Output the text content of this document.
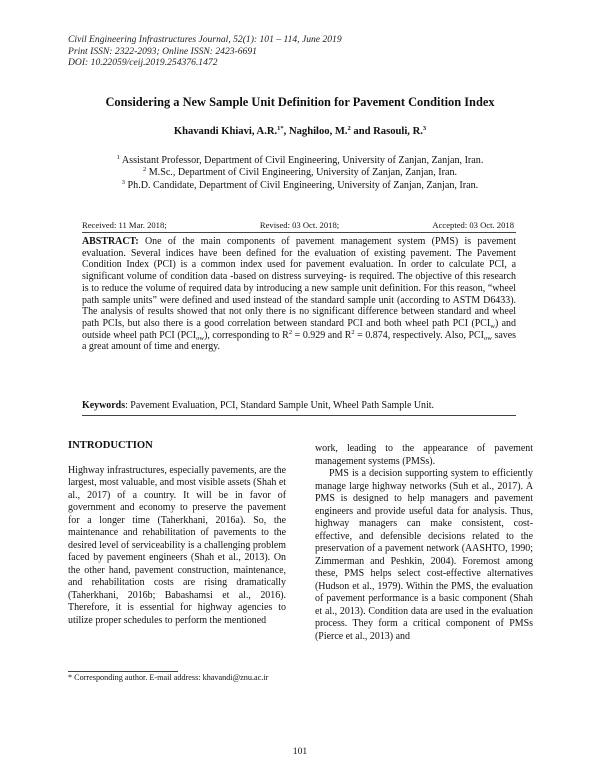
Civil Engineering Infrastructures Journal, 52(1): 101 – 114, June 2019
Print ISSN: 2322-2093; Online ISSN: 2423-6691
DOI: 10.22059/ceij.2019.254376.1472
Considering a New Sample Unit Definition for Pavement Condition Index
Khavandi Khiavi, A.R.$^{1*}$, Naghiloo, M.$^2$ and Rasouli, R.$^3$
$^1$ Assistant Professor, Department of Civil Engineering, University of Zanjan, Zanjan, Iran.
$^2$ M.Sc., Department of Civil Engineering, University of Zanjan, Zanjan, Iran.
$^3$ Ph.D. Candidate, Department of Civil Engineering, University of Zanjan, Zanjan, Iran.
Received: 11 Mar. 2018;	Revised: 03 Oct. 2018;	Accepted: 03 Oct. 2018
ABSTRACT: One of the main components of pavement management system (PMS) is pavement evaluation. Several indices have been defined for the evaluation of existing pavement. The Pavement Condition Index (PCI) is a common index used for pavement evaluation. In order to calculate PCI, a significant volume of condition data -based on distress surveying- is required. The objective of this research is to reduce the volume of required data by introducing a new sample unit definition. For this reason, “wheel path sample units” were defined and used instead of the standard sample unit (according to ASTM D6433). The analysis of results showed that not only there is no significant difference between standard and wheel path PCIs, but also there is a good correlation between standard PCI and both wheel path PCI $(PCI_w)$ and outside wheel path PCI $(PCI_{ow})$, corresponding to $R^2 = 0.929$ and $R^2 = 0.874$, respectively. Also, $PCI_{ow}$ saves a great amount of time and energy.
Keywords: Pavement Evaluation, PCI, Standard Sample Unit, Wheel Path Sample Unit.
INTRODUCTION

Highway infrastructures, especially pavements, are the largest, most valuable, and most visible assets (Shah et al., 2017) of a country. It will be in favor of government and economy to preserve the pavement for a longer time (Taherkhani, 2016a). So, the maintenance and rehabilitation of pavements to the desired level of serviceability is a challenging problem faced by pavement engineers (Shah et al., 2013). On the other hand, pavement construction, maintenance, and rehabilitation costs are rising dramatically (Taherkhani, 2016b; Babashamsi et al., 2016). Therefore, it is essential for highway agencies to utilize proper schedules to perform the mentioned

work, leading to the appearance of pavement management systems (PMSs).

PMS is a decision supporting system to efficiently manage large highway networks (Suh et al., 2017). A PMS is designed to help managers and pavement engineers and provide useful data for analysis. Thus, highway managers can make consistent, cost-effective, and defensible decisions related to the preservation of a pavement network (AASHTO, 1990; Zimmerman and Peshkin, 2004). Foremost among these, PMS helps select cost-effective alternatives (Hudson et al., 1979). Within the PMS, the evaluation of pavement performance is a basic component (Shah et al., 2013). Condition data are used in the evaluation process. They form a critical component of PMSs (Pierce et al., 2013) and

* Corresponding author. E-mail address: khavandi@znu.ac.ir
101
